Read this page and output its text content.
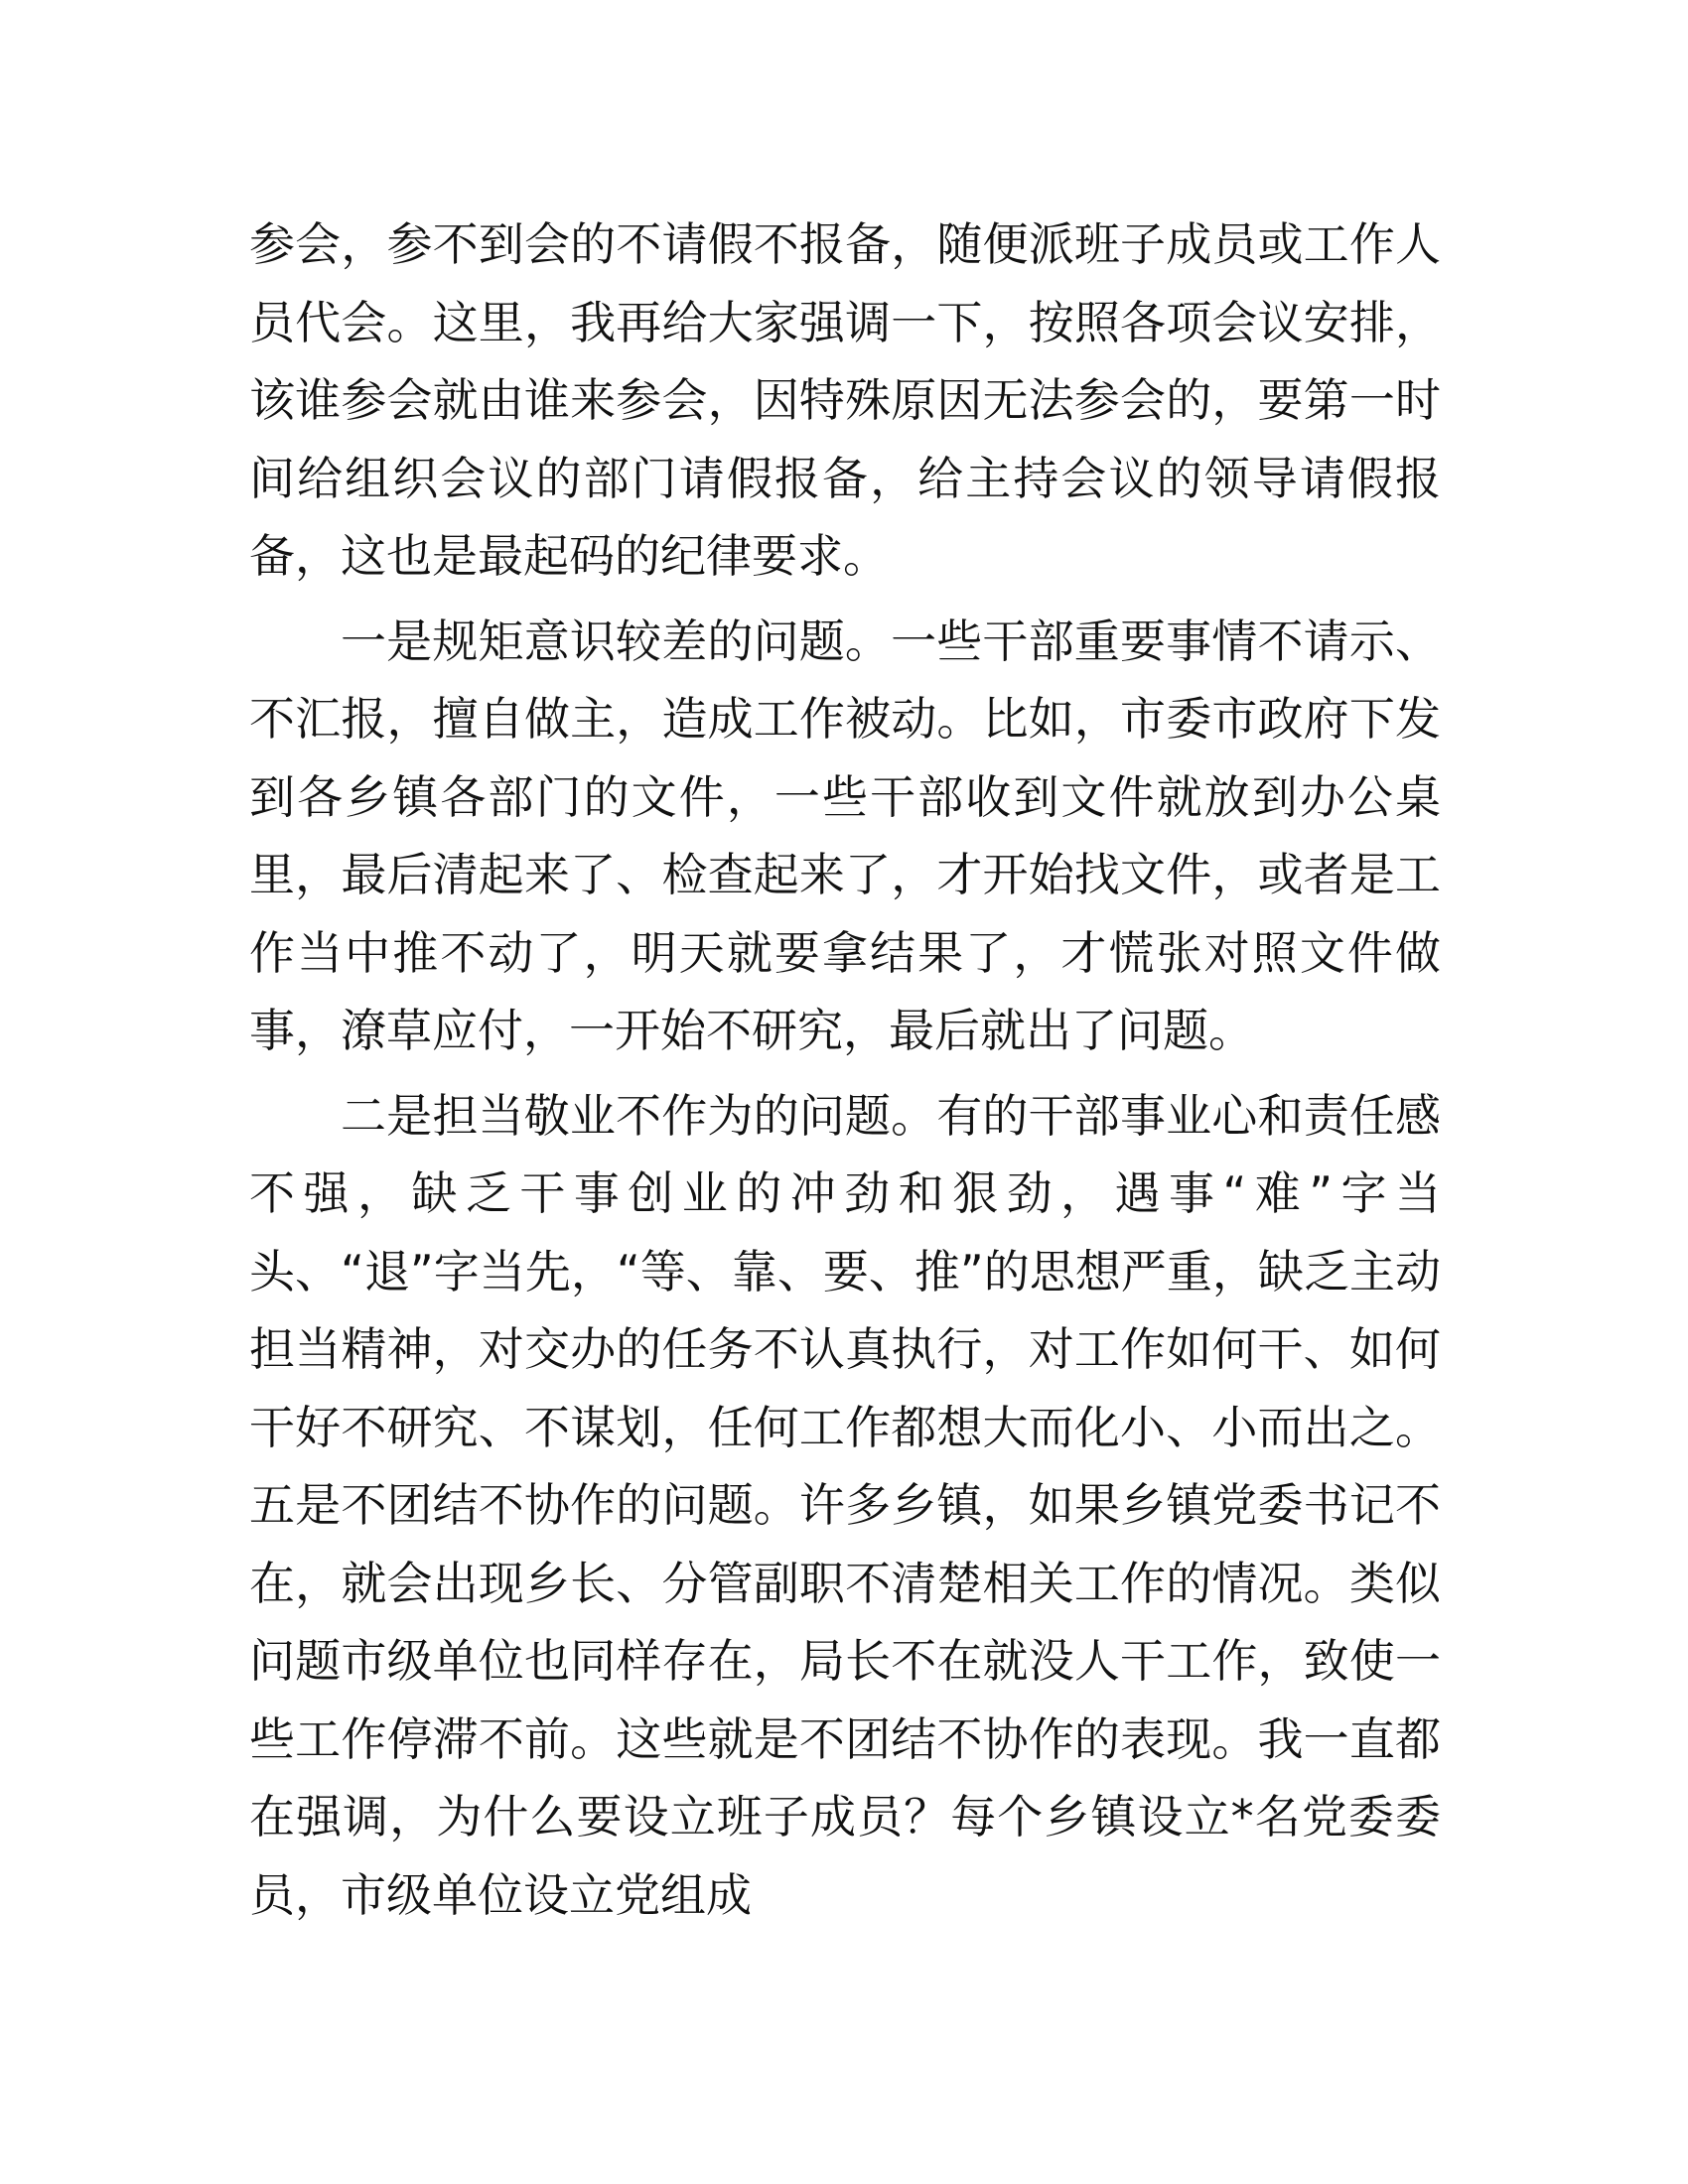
参会，参不到会的不请假不报备，随便派班子成员或工作人员代会。这里，我再给大家强调一下，按照各项会议安排，该谁参会就由谁来参会，因特殊原因无法参会的，要第一时间给组织会议的部门请假报备，给主持会议的领导请假报备，这也是最起码的纪律要求。

一是规矩意识较差的问题。一些干部重要事情不请示、不汇报，擅自做主，造成工作被动。比如，市委市政府下发到各乡镇各部门的文件，一些干部收到文件就放到办公桌里，最后清起来了、检查起来了，才开始找文件，或者是工作当中推不动了，明天就要拿结果了，才慌张对照文件做事，潦草应付，一开始不研究，最后就出了问题。

二是担当敬业不作为的问题。有的干部事业心和责任感不强，缺乏干事创业的冲劲和狠劲，遇事“难”字当头、“退”字当先，“等、靠、要、推”的思想严重，缺乏主动担当精神，对交办的任务不认真执行，对工作如何干、如何干好不研究、不谋划，任何工作都想大而化小、小而出之。五是不团结不协作的问题。许多乡镇，如果乡镇党委书记不在，就会出现乡长、分管副职不清楚相关工作的情况。类似问题市级单位也同样存在，局长不在就没人干工作，致使一些工作停滞不前。这些就是不团结不协作的表现。我一直都在强调，为什么要设立班子成员？每个乡镇设立*名党委委员，市级单位设立党组成
